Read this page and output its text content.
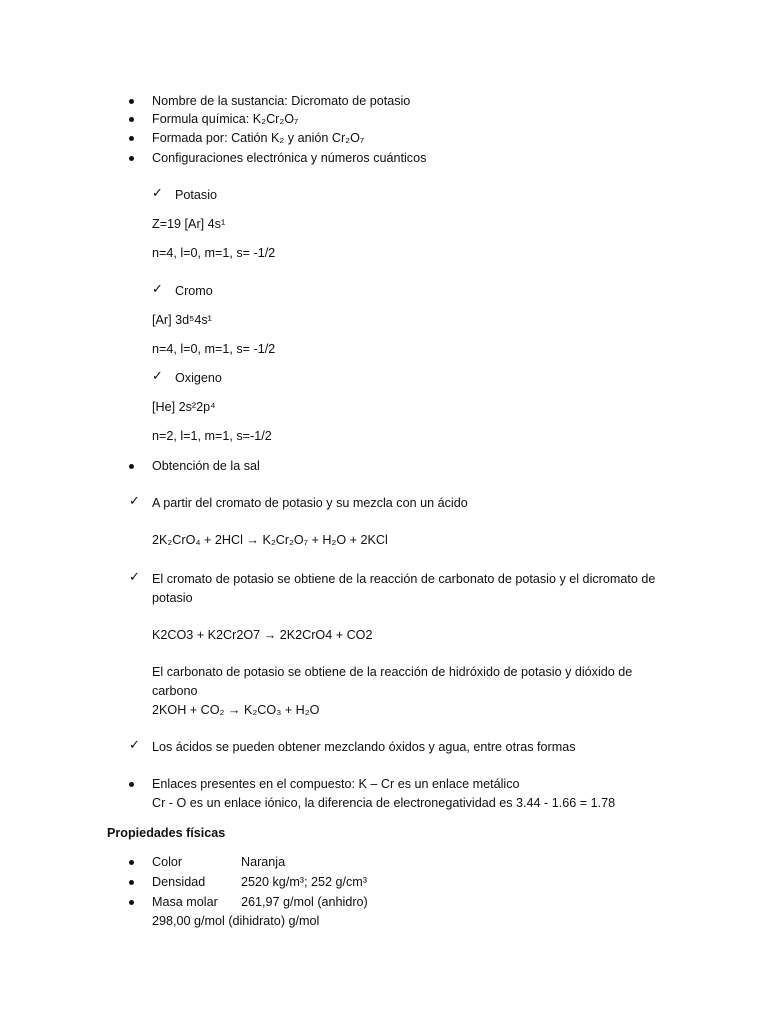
Nombre de la sustancia: Dicromato de potasio
Formula química: K₂Cr₂O₇
Formada por: Catión K₂ y anión Cr₂O₇
Configuraciones electrónica y números cuánticos
✓ Potasio
Z=19 [Ar] 4s¹
n=4, l=0, m=1, s= -1/2
✓ Cromo
[Ar] 3d⁵4s¹
n=4, l=0, m=1, s= -1/2
✓ Oxigeno
[He] 2s²2p⁴
n=2, l=1, m=1, s=-1/2
Obtención de la sal
✓ A partir del cromato de potasio y su mezcla con un ácido
2K₂CrO₄ + 2HCl → K₂Cr₂O₇ + H₂O + 2KCl
✓ El cromato de potasio se obtiene de la reacción de carbonato de potasio y el dicromato de
potasio
K2CO3 + K2Cr2O7 → 2K2CrO4 + CO2
El carbonato de potasio se obtiene de la reacción de hidróxido de potasio y dióxido de
carbono
2KOH + CO₂ → K₂CO₃ + H₂O
✓ Los ácidos se pueden obtener mezclando óxidos y agua, entre otras formas
Enlaces presentes en el compuesto: K – Cr es un enlace metálico
Cr - O es un enlace iónico, la diferencia de electronegatividad es 3.44 - 1.66 = 1.78
Propiedades físicas
Color	Naranja
Densidad	2520 kg/m³; 252 g/cm³
Masa molar 261,97 g/mol (anhidro)
298,00 g/mol (dihidrato) g/mol
